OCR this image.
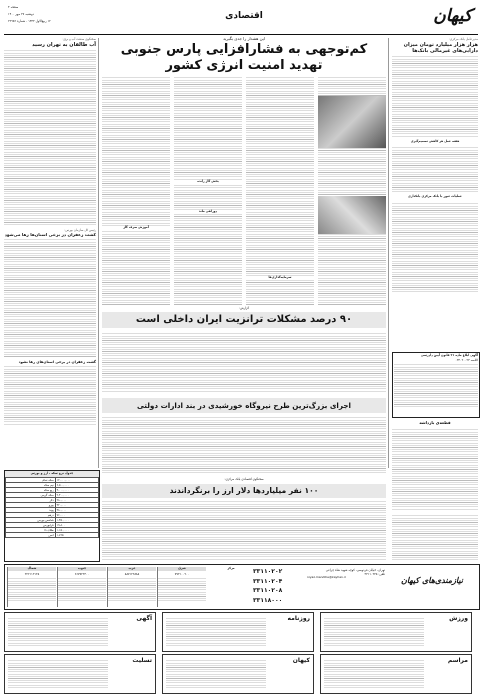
کیهان
اقتصادی
صفحه ۴
دوشنبه ۲۷ مهر ۱۴۰۰
۱۲ ربیع‌الاول ۱۴۴۳ - شماره ۲۲۹۸۲
سخنگوی صنعت آب و برق:
آب طالقان به تهران رسید
رئیس کل سازمان بورس:
کشت زعفران در برخی استان‌ها رها می‌شود
گشت زعفران در برخی استان‌های رها نشود
این هشدار را جدی بگیرید
کم‌توجهی به فشارافزایی پارس جنوبی
تهدید امنیت انرژی کشور
بخش گاز رانده
آموزش صرف گاز
دوراهی ماند
سرمایه‌گذاری‌ها
مدیرعامل بانک مرکزی:
هزار هزار میلیارد تومان میزان دارایی‌های غیرمالی بانک‌ها
هفته عمل هر کاهش تصمیم‌گیری
عملیات عبور با بانک مرکزی بانکداری
آگهی ابلاغ ماده ۲۱ قانون آیین دادرسی
کلاسه ۰۳۴۰۲۰۰۲۳
قطعه‌ی بازداشه
گزارش:
۹۰ درصد مشکلات ترانزیت ایران داخلی است
اجرای بزرگ‌ترین طرح نیروگاه خورشیدی در بند ادارات دولتی
سخنگوی اقتصادی بانک مرکزی:
۱۰۰ نفر میلیاردها دلار ارز را برنگرداندند
جدول نرخ سکه ، ارز و بورس
سکه تمام	۱۲,۰۰۰,۰۰۰
نیم سکه	۶,۵۰۰,۰۰۰
ربع سکه	۴,۰۰۰,۰۰۰
سکه گرمی	۲,۴۰۰,۰۰۰
دلار	۲۸۰,۰۰۰
یورو	۳۲۰,۰۰۰
پوند	۳۸۰,۰۰۰
درهم	۷۶,۰۰۰
شاخص بورس	۱,۴۵۰,۰۰۰
فرابورس	۱۹,۸۰۰
طلای ۱۸	۱,۱۵۰,۰۰۰
انس	۱,۷۶۵
شمال
۲۲۲۱۱۳۱۳۸
جنوب
۶۶۷۷۲۲۳۰۰
غرب
۸۸۷۱۲۲۸۸۸
شرق
۷۷۳۱۰۰۹۰۰
مرکز	۳۳۱۱۰۲۰۲
۳۳۱۱۰۲۰۴
۳۳۱۱۰۲۰۸
۳۳۱۱۸۰۰۰
تهران، خیابان فردوسی، کوچه شهید شاه چراغی
تلفن: ۳۳۱۱۰۲۳۵
niyaz.mandihe@kayhan.ir	نیازمندی‌های کیهان
آگهی
تسلیت
روزنامه
کیهان
ورزش
مراسم
